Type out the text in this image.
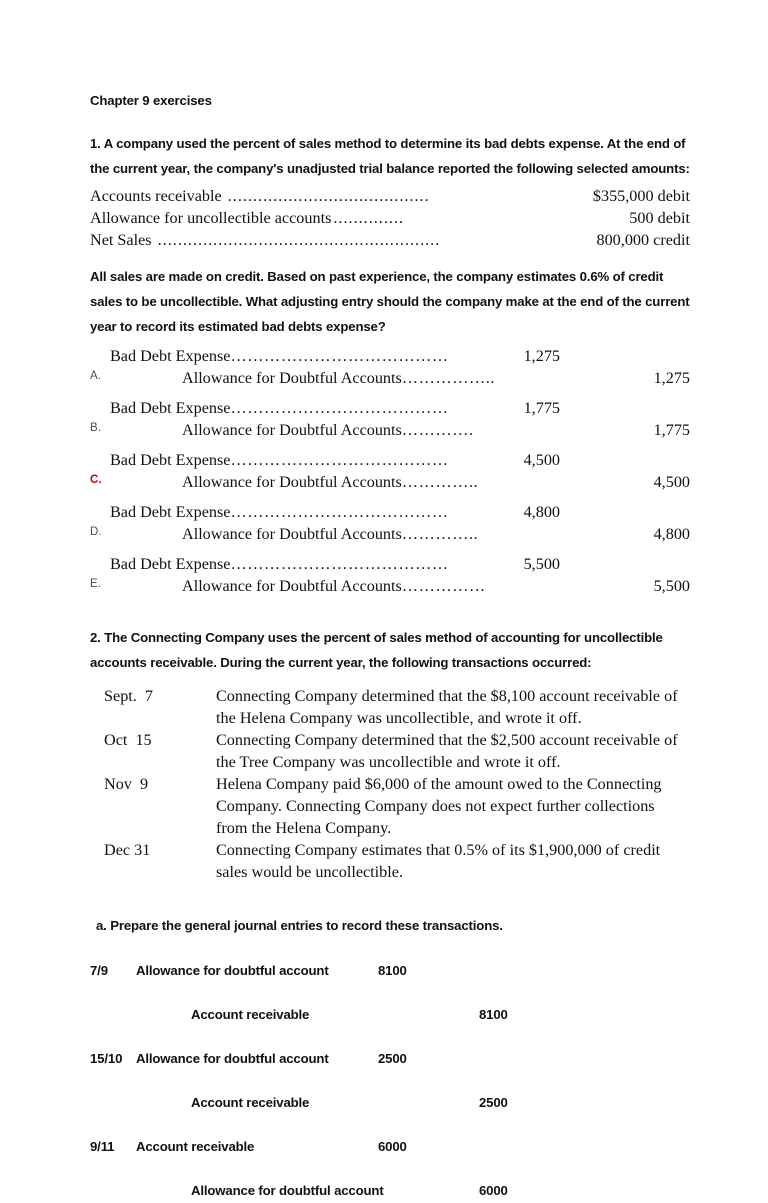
Chapter 9 exercises
1. A company used the percent of sales method to determine its bad debts expense. At the end of the current year, the company's unadjusted trial balance reported the following selected amounts:
Accounts receivable ........................................	$355,000 debit
Allowance for uncollectible accounts ..............	500 debit
Net Sales ........................................................	800,000 credit
All sales are made on credit. Based on past experience, the company estimates 0.6% of credit sales to be uncollectible. What adjusting entry should the company make at the end of the current year to record its estimated bad debts expense?
A.
Bad Debt Expense …………………………………	1,275
Allowance for Doubtful Accounts ……………..	1,275
B.
Bad Debt Expense …………………………………	1,775
Allowance for Doubtful Accounts ………….	1,775
C.
Bad Debt Expense …………………………………	4,500
Allowance for Doubtful Accounts …………..	4,500
D.
Bad Debt Expense …………………………………	4,800
Allowance for Doubtful Accounts …………..	4,800
E.
Bad Debt Expense …………………………………	5,500
Allowance for Doubtful Accounts ……………	5,500
2. The Connecting Company uses the percent of sales method of accounting for uncollectible accounts receivable. During the current year, the following transactions occurred:
Sept.  7	Connecting Company determined that the $8,100 account receivable of the Helena Company was uncollectible, and wrote it off.
Oct  15	Connecting Company determined that the $2,500 account receivable of the Tree Company was uncollectible and wrote it off.
Nov  9	Helena Company paid $6,000 of the amount owed to the Connecting Company. Connecting Company does not expect further collections from the Helena Company.
Dec 31	Connecting Company estimates that 0.5% of its $1,900,000 of credit sales would be uncollectible.
a. Prepare the general journal entries to record these transactions.
7/9	Allowance for doubtful account	8100
Account receivable	8100
15/10	Allowance for doubtful account	2500
Account receivable	2500
9/11	Account receivable	6000
Allowance for doubtful account	6000
